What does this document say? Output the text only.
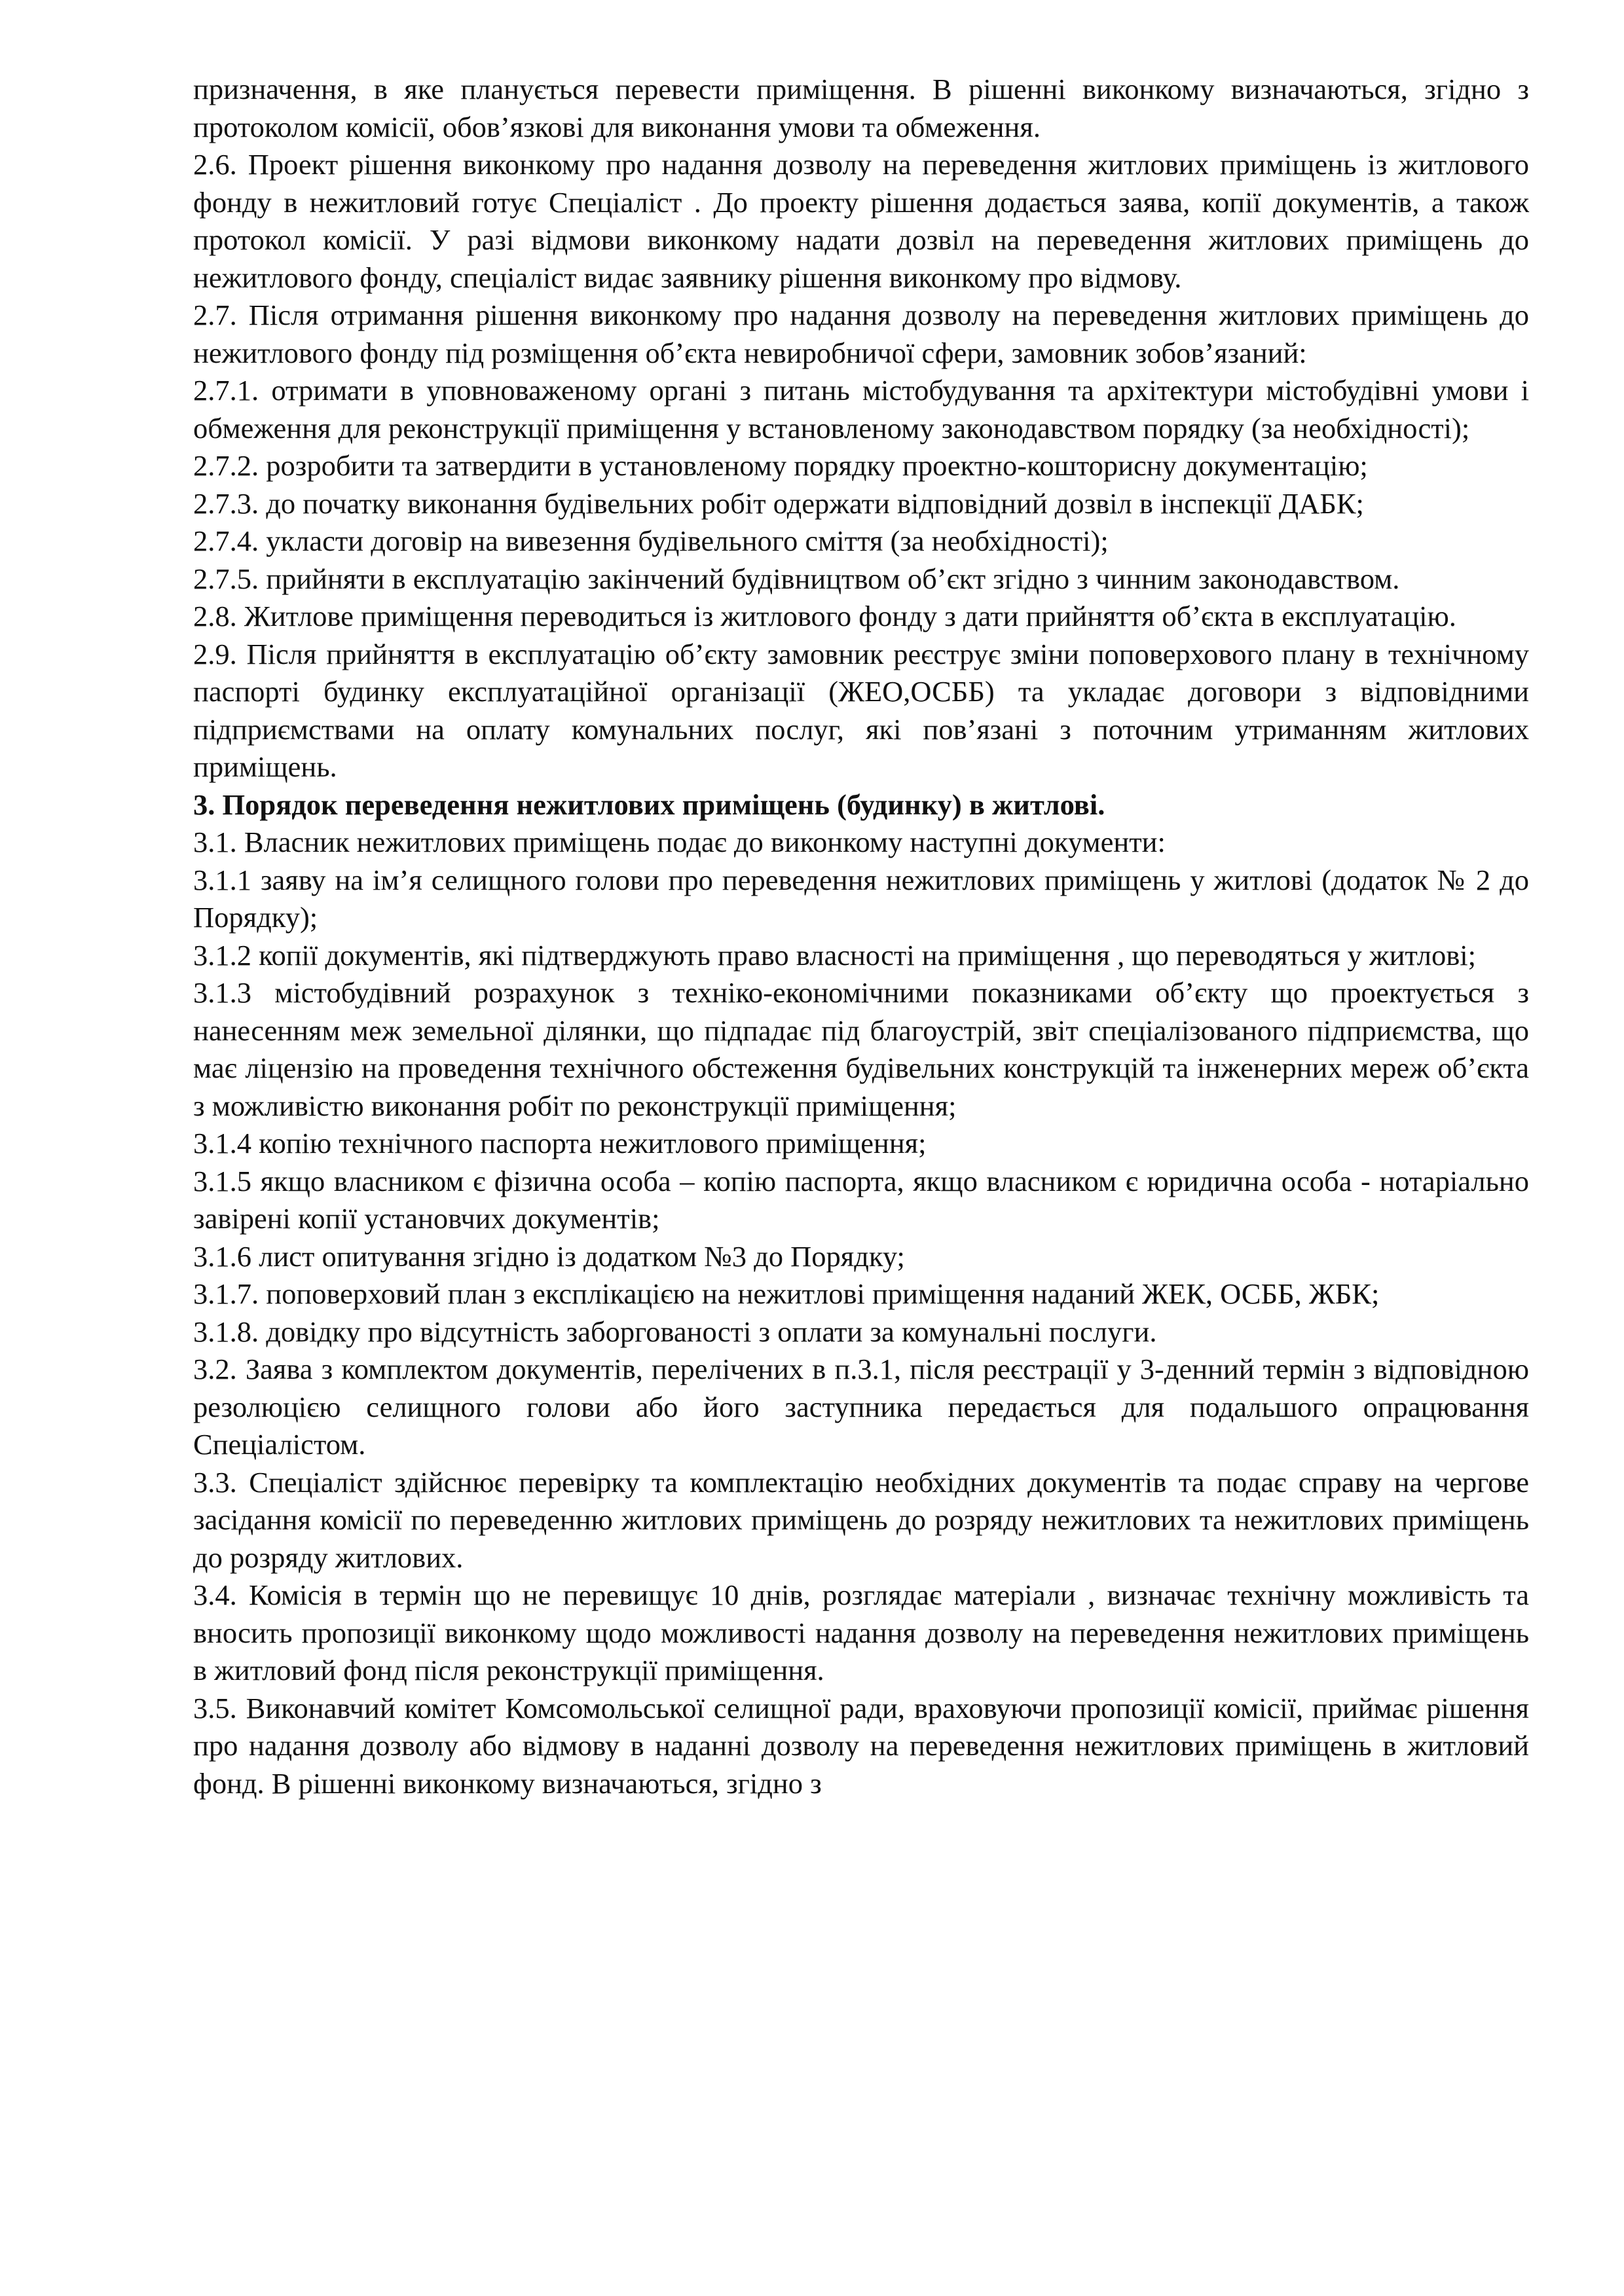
призначення, в яке планується перевести приміщення. В рішенні виконкому визначаються, згідно з протоколом комісії, обов’язкові для виконання умови та обмеження.

2.6. Проект рішення виконкому про надання дозволу на переведення житлових приміщень із житлового фонду в нежитловий готує Спеціаліст . До проекту рішення додається заява, копії документів, а також протокол комісії. У разі відмови виконкому надати дозвіл на переведення житлових приміщень до нежитлового фонду, спеціаліст видає заявнику рішення виконкому про відмову.

2.7. Після отримання рішення виконкому про надання дозволу на переведення житлових приміщень до нежитлового фонду під розміщення об’єкта невиробничої сфери, замовник зобов’язаний:

2.7.1. отримати в уповноваженому органі з питань містобудування та архітектури містобудівні умови і обмеження для реконструкції приміщення у встановленому законодавством порядку (за необхідності);

2.7.2. розробити та затвердити в установленому порядку проектно-кошторисну документацію;

2.7.3. до початку виконання будівельних робіт одержати відповідний дозвіл в інспекції ДАБК;

2.7.4. укласти договір на вивезення будівельного сміття (за необхідності);

2.7.5. прийняти в експлуатацію закінчений будівництвом об’єкт згідно з чинним законодавством.

2.8. Житлове приміщення переводиться із житлового фонду з дати прийняття об’єкта в експлуатацію.

2.9. Після прийняття в експлуатацію об’єкту замовник реєструє зміни поповерхового плану в технічному паспорті будинку експлуатаційної організації (ЖЕО,ОСББ) та укладає договори з відповідними підприємствами на оплату комунальних послуг, які пов’язані з поточним утриманням житлових приміщень.

3. Порядок переведення нежитлових приміщень (будинку) в житлові.

3.1. Власник нежитлових приміщень подає до виконкому наступні документи:

3.1.1 заяву на ім’я селищного голови про переведення нежитлових приміщень у житлові (додаток № 2 до Порядку);

3.1.2 копії документів, які підтверджують право власності на приміщення , що переводяться у житлові;

3.1.3 містобудівний розрахунок з техніко-економічними показниками об’єкту що проектується з нанесенням меж земельної ділянки, що підпадає під благоустрій, звіт спеціалізованого підприємства, що має ліцензію на проведення технічного обстеження будівельних конструкцій та інженерних мереж об’єкта з можливістю виконання робіт по реконструкції приміщення;

3.1.4 копію технічного паспорта нежитлового приміщення;

3.1.5 якщо власником є фізична особа – копію паспорта, якщо власником є юридична особа - нотаріально завірені копії установчих документів;

3.1.6 лист опитування згідно із додатком №3 до Порядку;

3.1.7. поповерховий план з експлікацією на нежитлові приміщення наданий ЖЕК, ОСББ, ЖБК;

3.1.8. довідку про відсутність заборгованості з оплати за комунальні послуги.

3.2. Заява з комплектом документів, перелічених в п.3.1, після реєстрації у 3-денний термін з відповідною резолюцією селищного голови або його заступника передається для подальшого опрацювання Спеціалістом.

3.3. Спеціаліст здійснює перевірку та комплектацію необхідних документів та подає справу на чергове засідання комісії по переведенню житлових приміщень до розряду нежитлових та нежитлових приміщень до розряду житлових.

3.4. Комісія в термін що не перевищує 10 днів, розглядає матеріали , визначає технічну можливість та вносить пропозиції виконкому щодо можливості надання дозволу на переведення нежитлових приміщень в житловий фонд після реконструкції приміщення.

3.5. Виконавчий комітет Комсомольської селищної ради, враховуючи пропозиції комісії, приймає рішення про надання дозволу або відмову в наданні дозволу на переведення нежитлових приміщень в житловий фонд. В рішенні виконкому визначаються, згідно з
